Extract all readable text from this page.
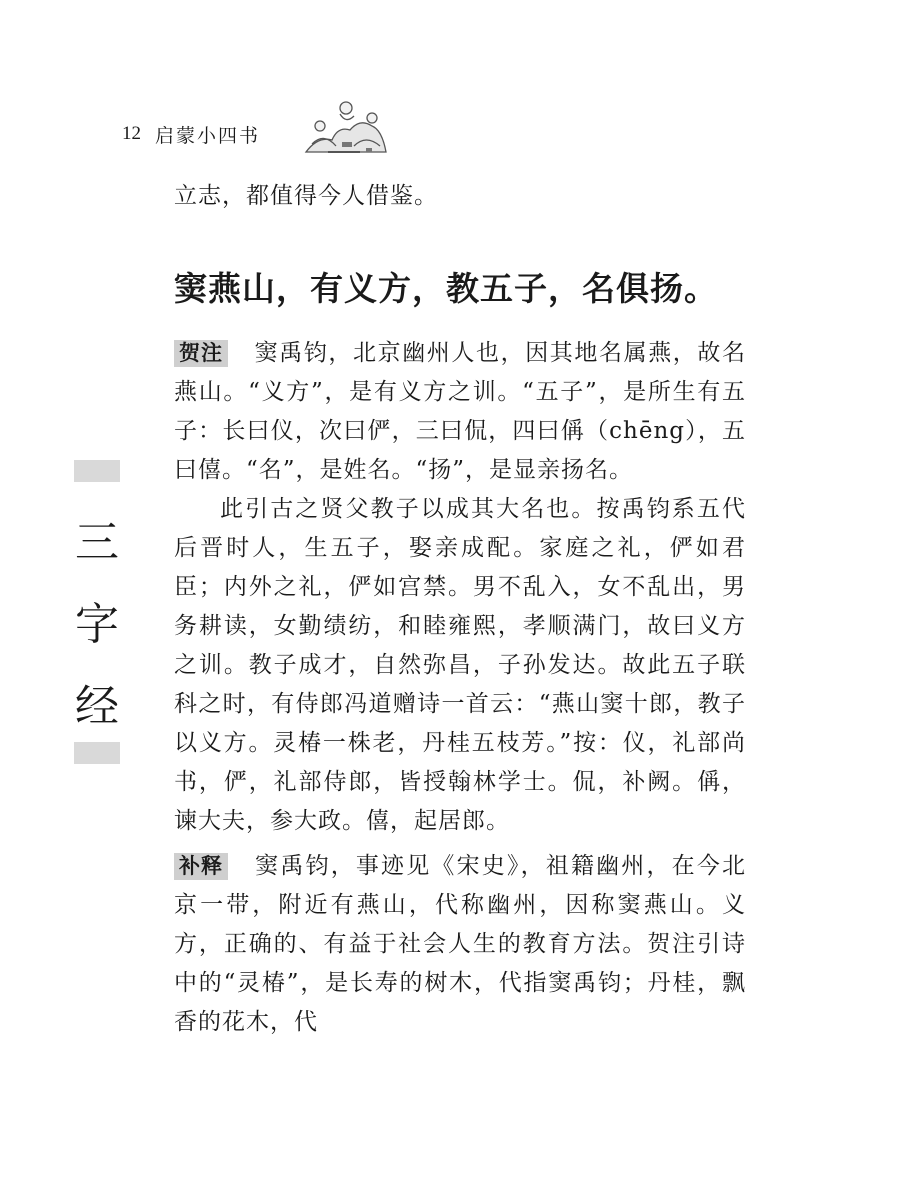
12 启蒙小四书
三
字
经

立志，都值得今人借鉴。

窦燕山，有义方，教五子，名俱扬。

贺注 窦禹钧，北京幽州人也，因其地名属燕，故名燕山。“义方”，是有义方之训。“五子”，是所生有五子：长曰仪，次曰俨，三曰侃，四曰偁（chēng），五曰僖。“名”，是姓名。“扬”，是显亲扬名。

此引古之贤父教子以成其大名也。按禹钧系五代后晋时人，生五子，娶亲成配。家庭之礼，俨如君臣；内外之礼，俨如宫禁。男不乱入，女不乱出，男务耕读，女勤绩纺，和睦雍熙，孝顺满门，故曰义方之训。教子成才，自然弥昌，子孙发达。故此五子联科之时，有侍郎冯道赠诗一首云：“燕山窦十郎，教子以义方。灵椿一株老，丹桂五枝芳。”按：仪，礼部尚书，俨，礼部侍郎，皆授翰林学士。侃，补阙。偁，谏大夫，参大政。僖，起居郎。

补释 窦禹钧，事迹见《宋史》，祖籍幽州，在今北京一带，附近有燕山，代称幽州，因称窦燕山。义方，正确的、有益于社会人生的教育方法。贺注引诗中的“灵椿”，是长寿的树木，代指窦禹钧；丹桂，飘香的花木，代
